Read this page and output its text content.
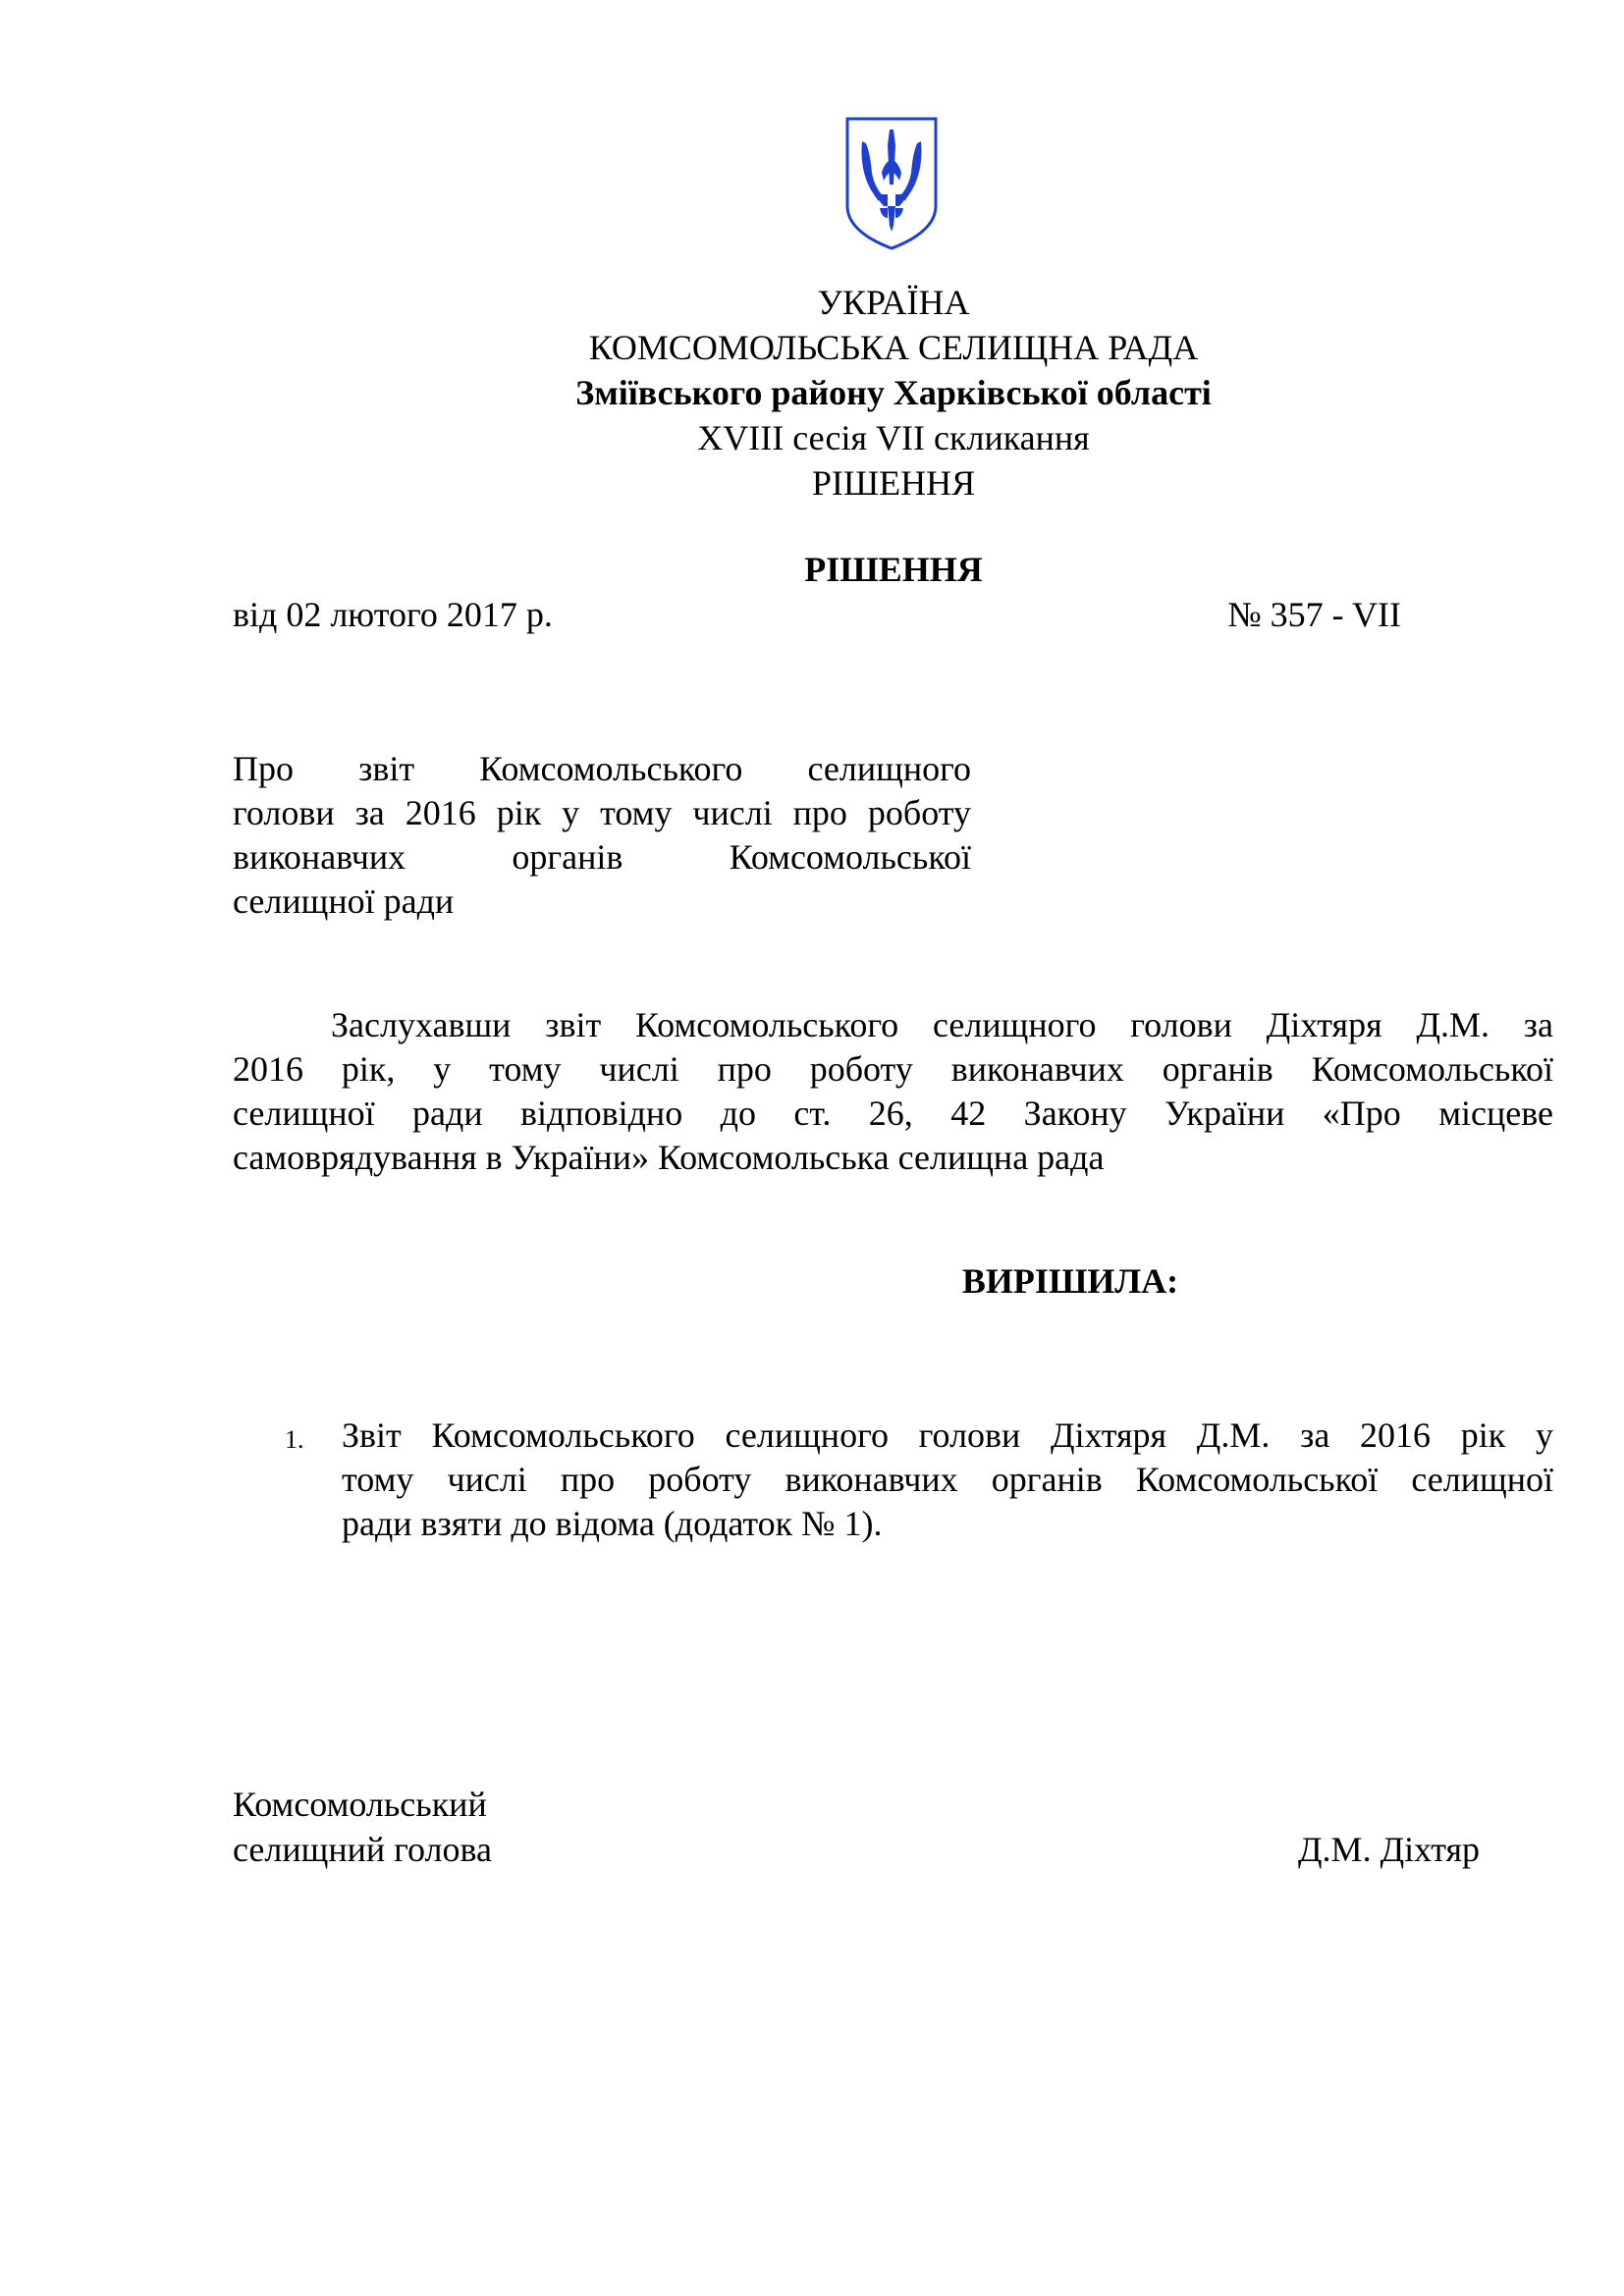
УКРАЇНА
КОМСОМОЛЬСЬКА СЕЛИЩНА РАДА
Зміївського району Харківської області
XVIII сесія VII скликання
РІШЕННЯ
РІШЕННЯ
від 02 лютого 2017 р.	№ 357 - VII
Про звіт Комсомольського селищного
голови за 2016 рік у тому числі про роботу
виконавчих органів Комсомольської
селищної ради
Заслухавши звіт Комсомольського селищного голови Діхтяря Д.М. за
2016 рік, у тому числі про роботу виконавчих органів Комсомольської
селищної ради відповідно до ст. 26, 42 Закону України «Про місцеве
самоврядування в України» Комсомольська селищна рада
ВИРІШИЛА:
1. Звіт Комсомольського селищного голови Діхтяря Д.М. за 2016 рік у
тому числі про роботу виконавчих органів Комсомольської селищної
ради взяти до відома (додаток № 1).
Комсомольський
селищний голова	Д.М. Діхтяр
